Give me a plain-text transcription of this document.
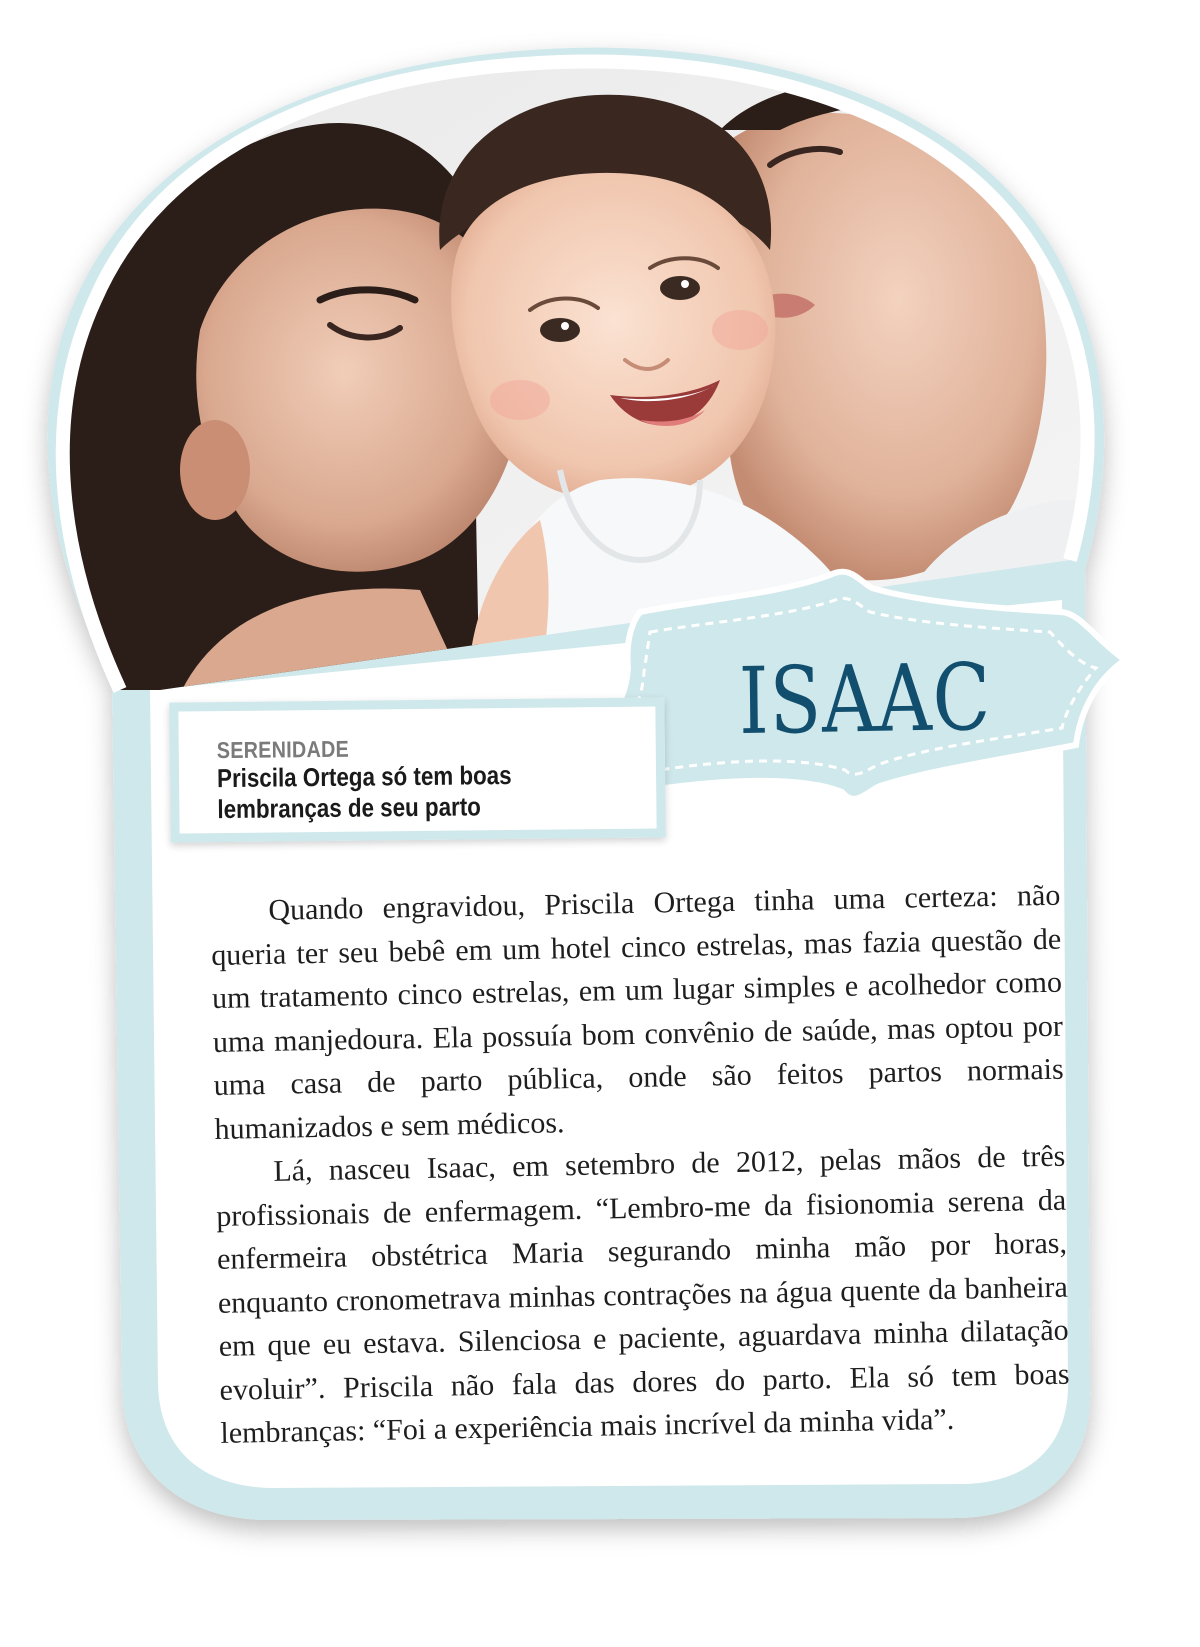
SERENIDADE
Priscila Ortega só tem boas lembranças de seu parto
ISAAC

Quando engravidou, Priscila Ortega tinha uma certeza: não queria ter seu bebê em um hotel cinco estrelas, mas fazia questão de um tratamento cinco estrelas, em um lugar simples e acolhedor como uma manjedoura. Ela possuía bom convênio de saúde, mas optou por uma casa de parto pública, onde são feitos partos normais humanizados e sem médicos.

Lá, nasceu Isaac, em setembro de 2012, pelas mãos de três profissionais de enfermagem. “Lembro-me da fisionomia serena da enfermeira obstétrica Maria segurando minha mão por horas, enquanto cronometrava minhas contrações na água quente da banheira em que eu estava. Silenciosa e paciente, aguardava minha dilatação evoluir”. Priscila não fala das dores do parto. Ela só tem boas lembranças: “Foi a experiência mais incrível da minha vida”.
